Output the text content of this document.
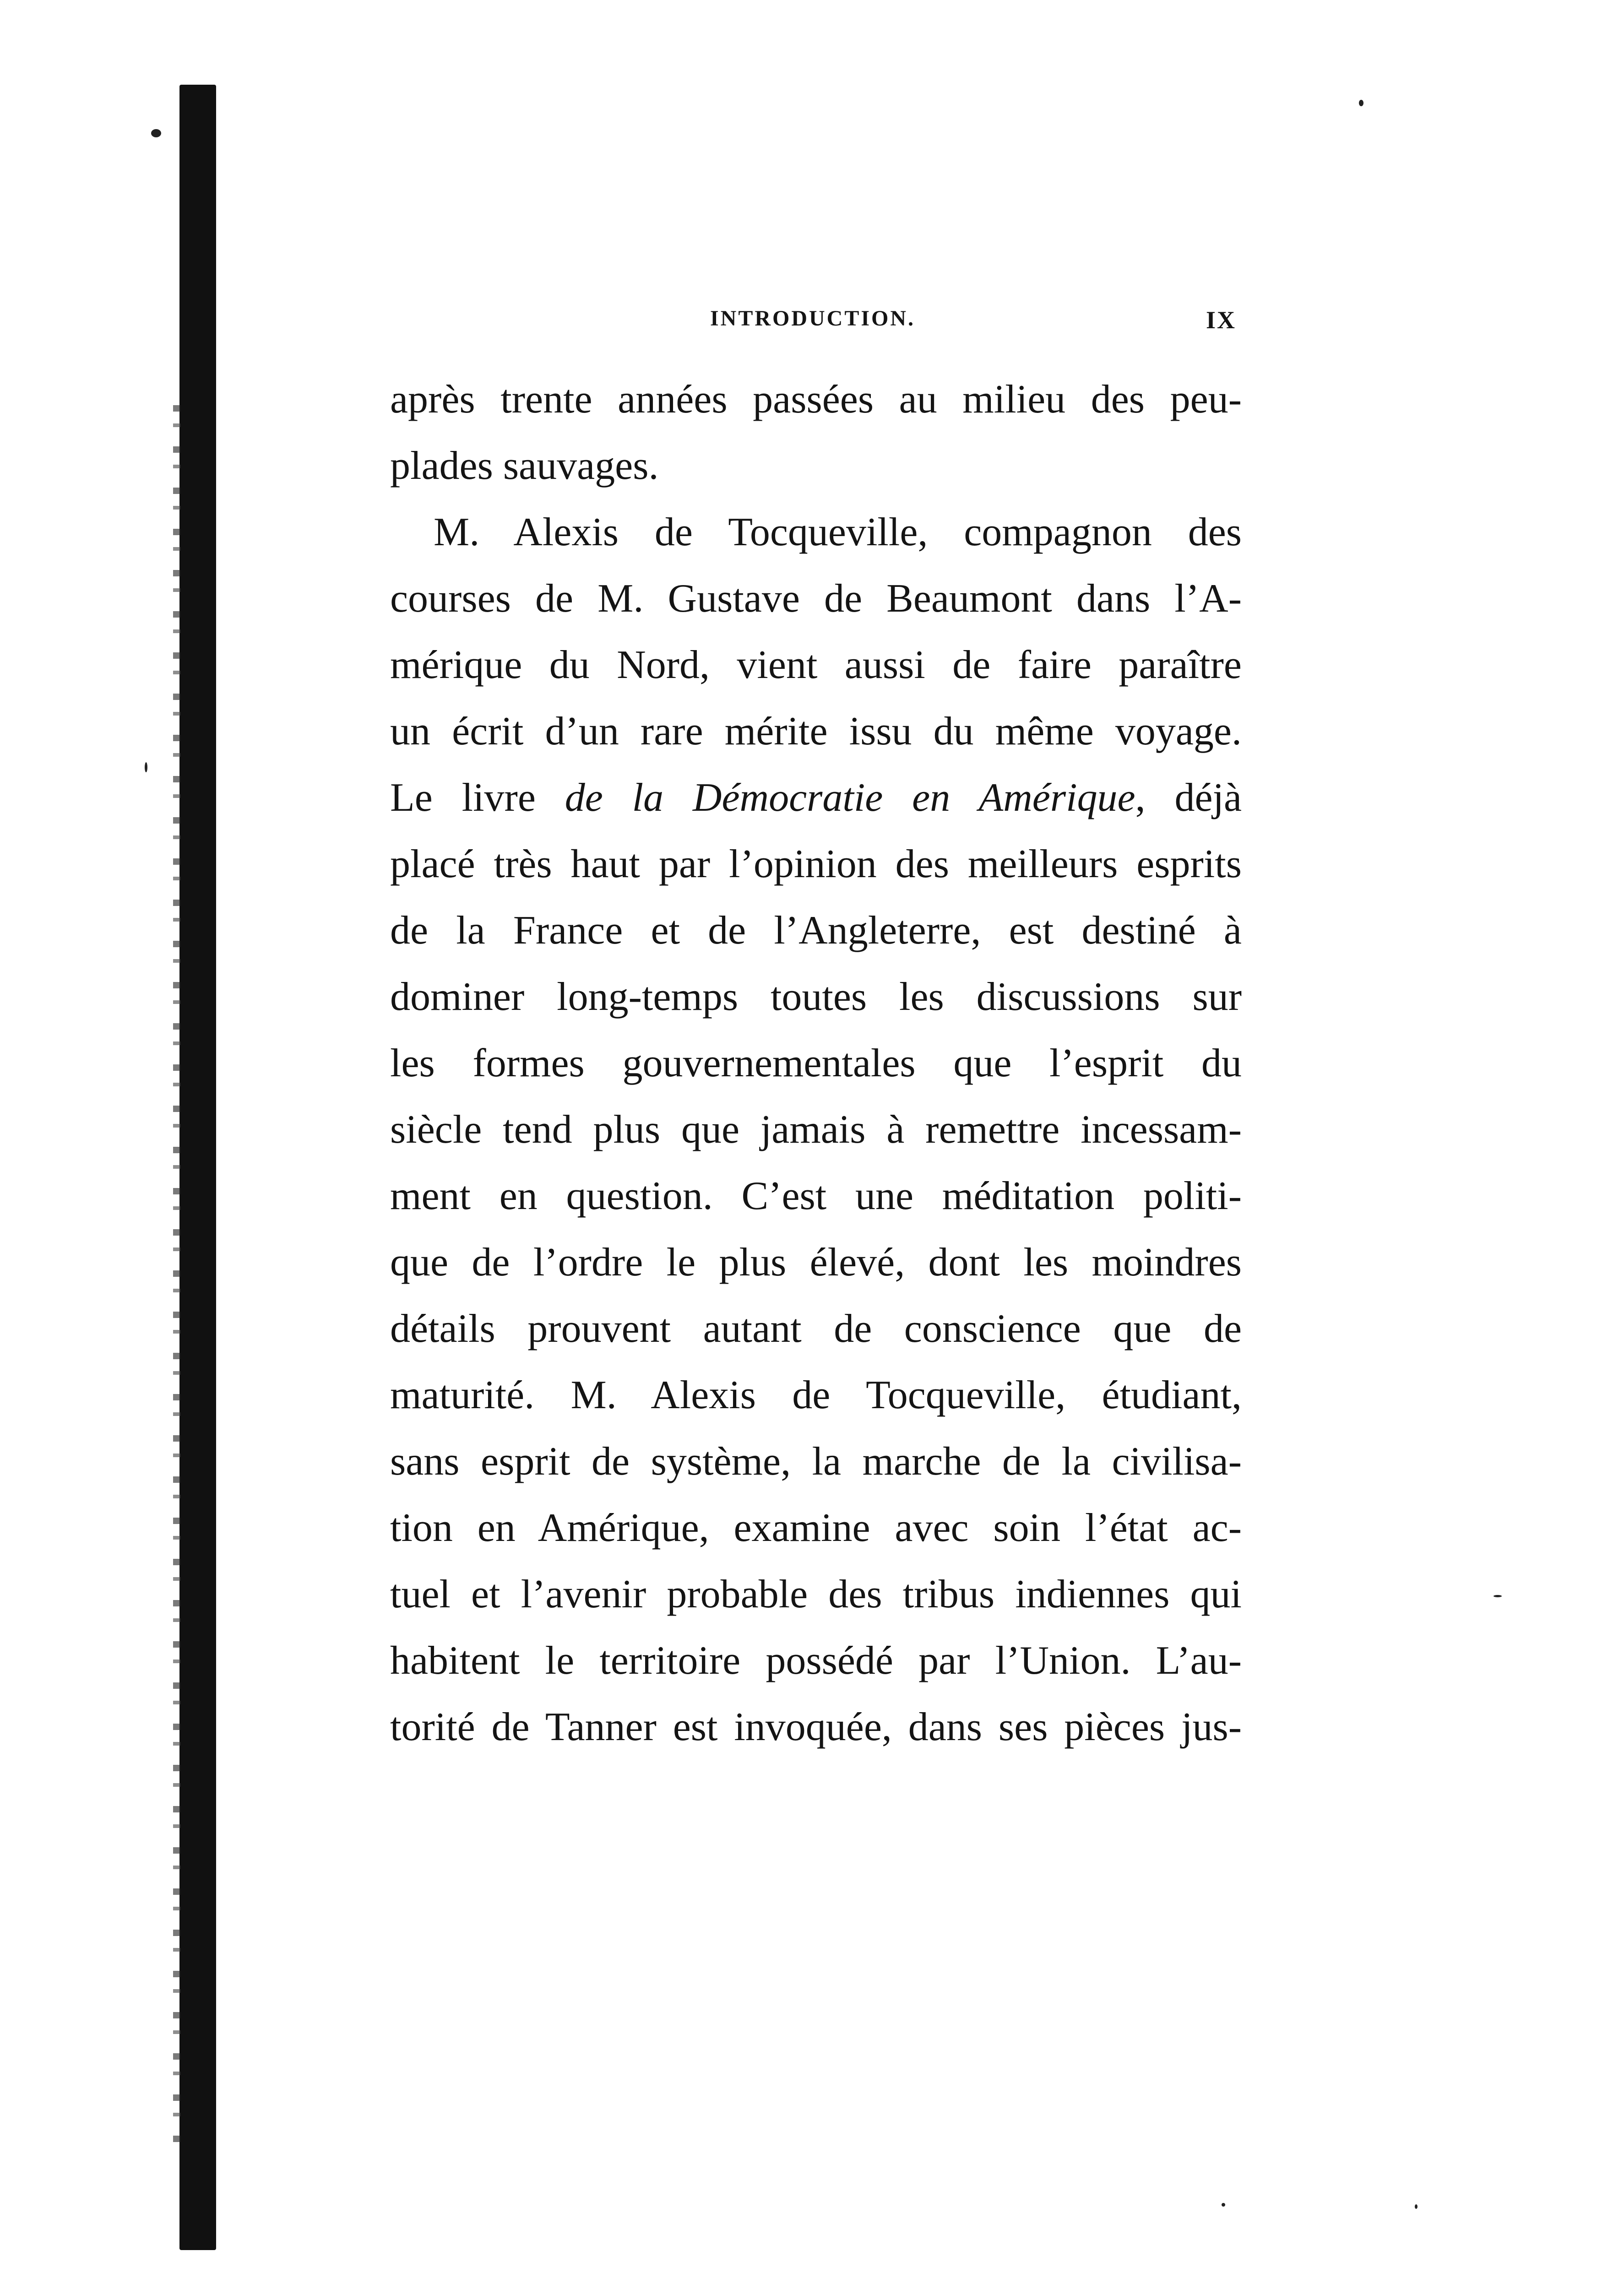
INTRODUCTION.	IX
après trente années passées au milieu des peu-
plades sauvages.
M. Alexis de Tocqueville, compagnon des
courses de M. Gustave de Beaumont dans l’A-
mérique du Nord, vient aussi de faire paraître
un écrit d’un rare mérite issu du même voyage.
Le livre de la Démocratie en Amérique, déjà
placé très haut par l’opinion des meilleurs esprits
de la France et de l’Angleterre, est destiné à
dominer long-temps toutes les discussions sur
les formes gouvernementales que l’esprit du
siècle tend plus que jamais à remettre incessam-
ment en question. C’est une méditation politi-
que de l’ordre le plus élevé, dont les moindres
détails prouvent autant de conscience que de
maturité. M. Alexis de Tocqueville, étudiant,
sans esprit de système, la marche de la civilisa-
tion en Amérique, examine avec soin l’état ac-
tuel et l’avenir probable des tribus indiennes qui
habitent le territoire possédé par l’Union. L’au-
torité de Tanner est invoquée, dans ses pièces jus-
